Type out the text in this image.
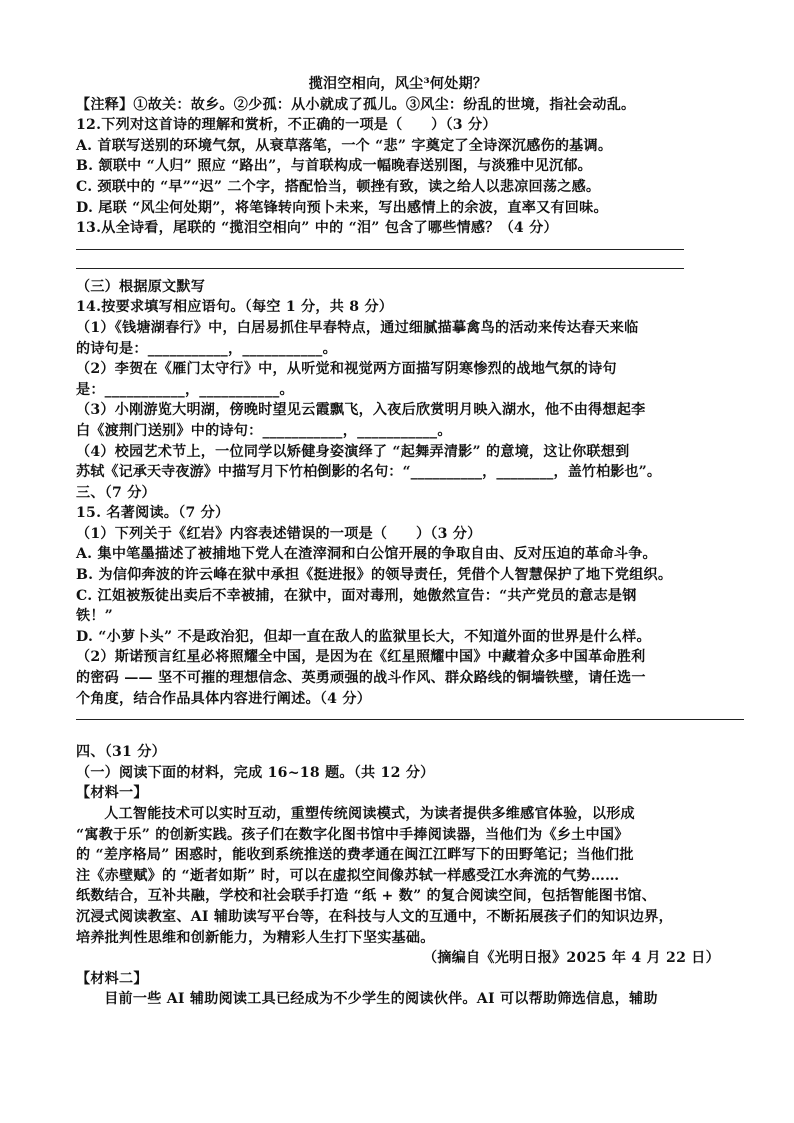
揽泪空相向，风尘³何处期？
【注释】①故关：故乡。②少孤：从小就成了孤儿。③风尘：纷乱的世境，指社会动乱。
12.下列对这首诗的理解和赏析，不正确的一项是（　　）（3 分）
A. 首联写送别的环境气氛，从衰草落笔，一个 “悲” 字奠定了全诗深沉感伤的基调。
B. 颔联中 “人归” 照应 “路出”，与首联构成一幅晚春送别图，与淡雅中见沉郁。
C. 颈联中的 “早”“迟” 二个字，搭配恰当，顿挫有致，读之给人以悲凉回荡之感。
D. 尾联 “风尘何处期”，将笔锋转向预卜未来，写出感情上的余波，直率又有回味。
13.从全诗看，尾联的 “揽泪空相向” 中的 “泪” 包含了哪些情感？（4 分）
（三）根据原文默写
14.按要求填写相应语句。（每空 1 分，共 8 分）
（1）《钱塘湖春行》中，白居易抓住早春特点，通过细腻描摹禽鸟的活动来传达春天来临
的诗句是：___________，___________。
（2）李贺在《雁门太守行》中，从听觉和视觉两方面描写阴寒惨烈的战地气氛的诗句
是：___________，___________。
（3）小刚游览大明湖，傍晚时望见云霞飘飞，入夜后欣赏明月映入湖水，他不由得想起李
白《渡荆门送别》中的诗句：___________，___________。
（4）校园艺术节上，一位同学以矫健身姿演绎了 “起舞弄清影” 的意境，这让你联想到
苏轼《记承天寺夜游》中描写月下竹柏倒影的名句：“__________，________，盖竹柏影也”。
三、（7 分）
15. 名著阅读。（7 分）
（1）下列关于《红岩》内容表述错误的一项是（　　）（3 分）
A. 集中笔墨描述了被捕地下党人在渣滓洞和白公馆开展的争取自由、反对压迫的革命斗争。
B. 为信仰奔波的许云峰在狱中承担《挺进报》的领导责任，凭借个人智慧保护了地下党组织。
C. 江姐被叛徒出卖后不幸被捕，在狱中，面对毒刑，她傲然宣告：“共产党员的意志是钢
铁！”
D. “小萝卜头” 不是政治犯，但却一直在敌人的监狱里长大，不知道外面的世界是什么样。
（2）斯诺预言红星必将照耀全中国，是因为在《红星照耀中国》中藏着众多中国革命胜利
的密码 —— 坚不可摧的理想信念、英勇顽强的战斗作风、群众路线的铜墙铁壁，请任选一
个角度，结合作品具体内容进行阐述。（4 分）
四、（31 分）
（一）阅读下面的材料，完成 16~18 题。（共 12 分）
【材料一】
人工智能技术可以实时互动，重塑传统阅读模式，为读者提供多维感官体验，以形成
“寓教于乐” 的创新实践。孩子们在数字化图书馆中手捧阅读器，当他们为《乡土中国》
的 “差序格局” 困惑时，能收到系统推送的费孝通在闽江江畔写下的田野笔记；当他们批
注《赤壁赋》的 “逝者如斯” 时，可以在虚拟空间像苏轼一样感受江水奔流的气势……
纸数结合，互补共融，学校和社会联手打造 “纸 + 数” 的复合阅读空间，包括智能图书馆、
沉浸式阅读教室、AI 辅助读写平台等，在科技与人文的互通中，不断拓展孩子们的知识边界，
培养批判性思维和创新能力，为精彩人生打下坚实基础。
（摘编自《光明日报》2025 年 4 月 22 日）
【材料二】
目前一些 AI 辅助阅读工具已经成为不少学生的阅读伙伴。AI 可以帮助筛选信息，辅助
